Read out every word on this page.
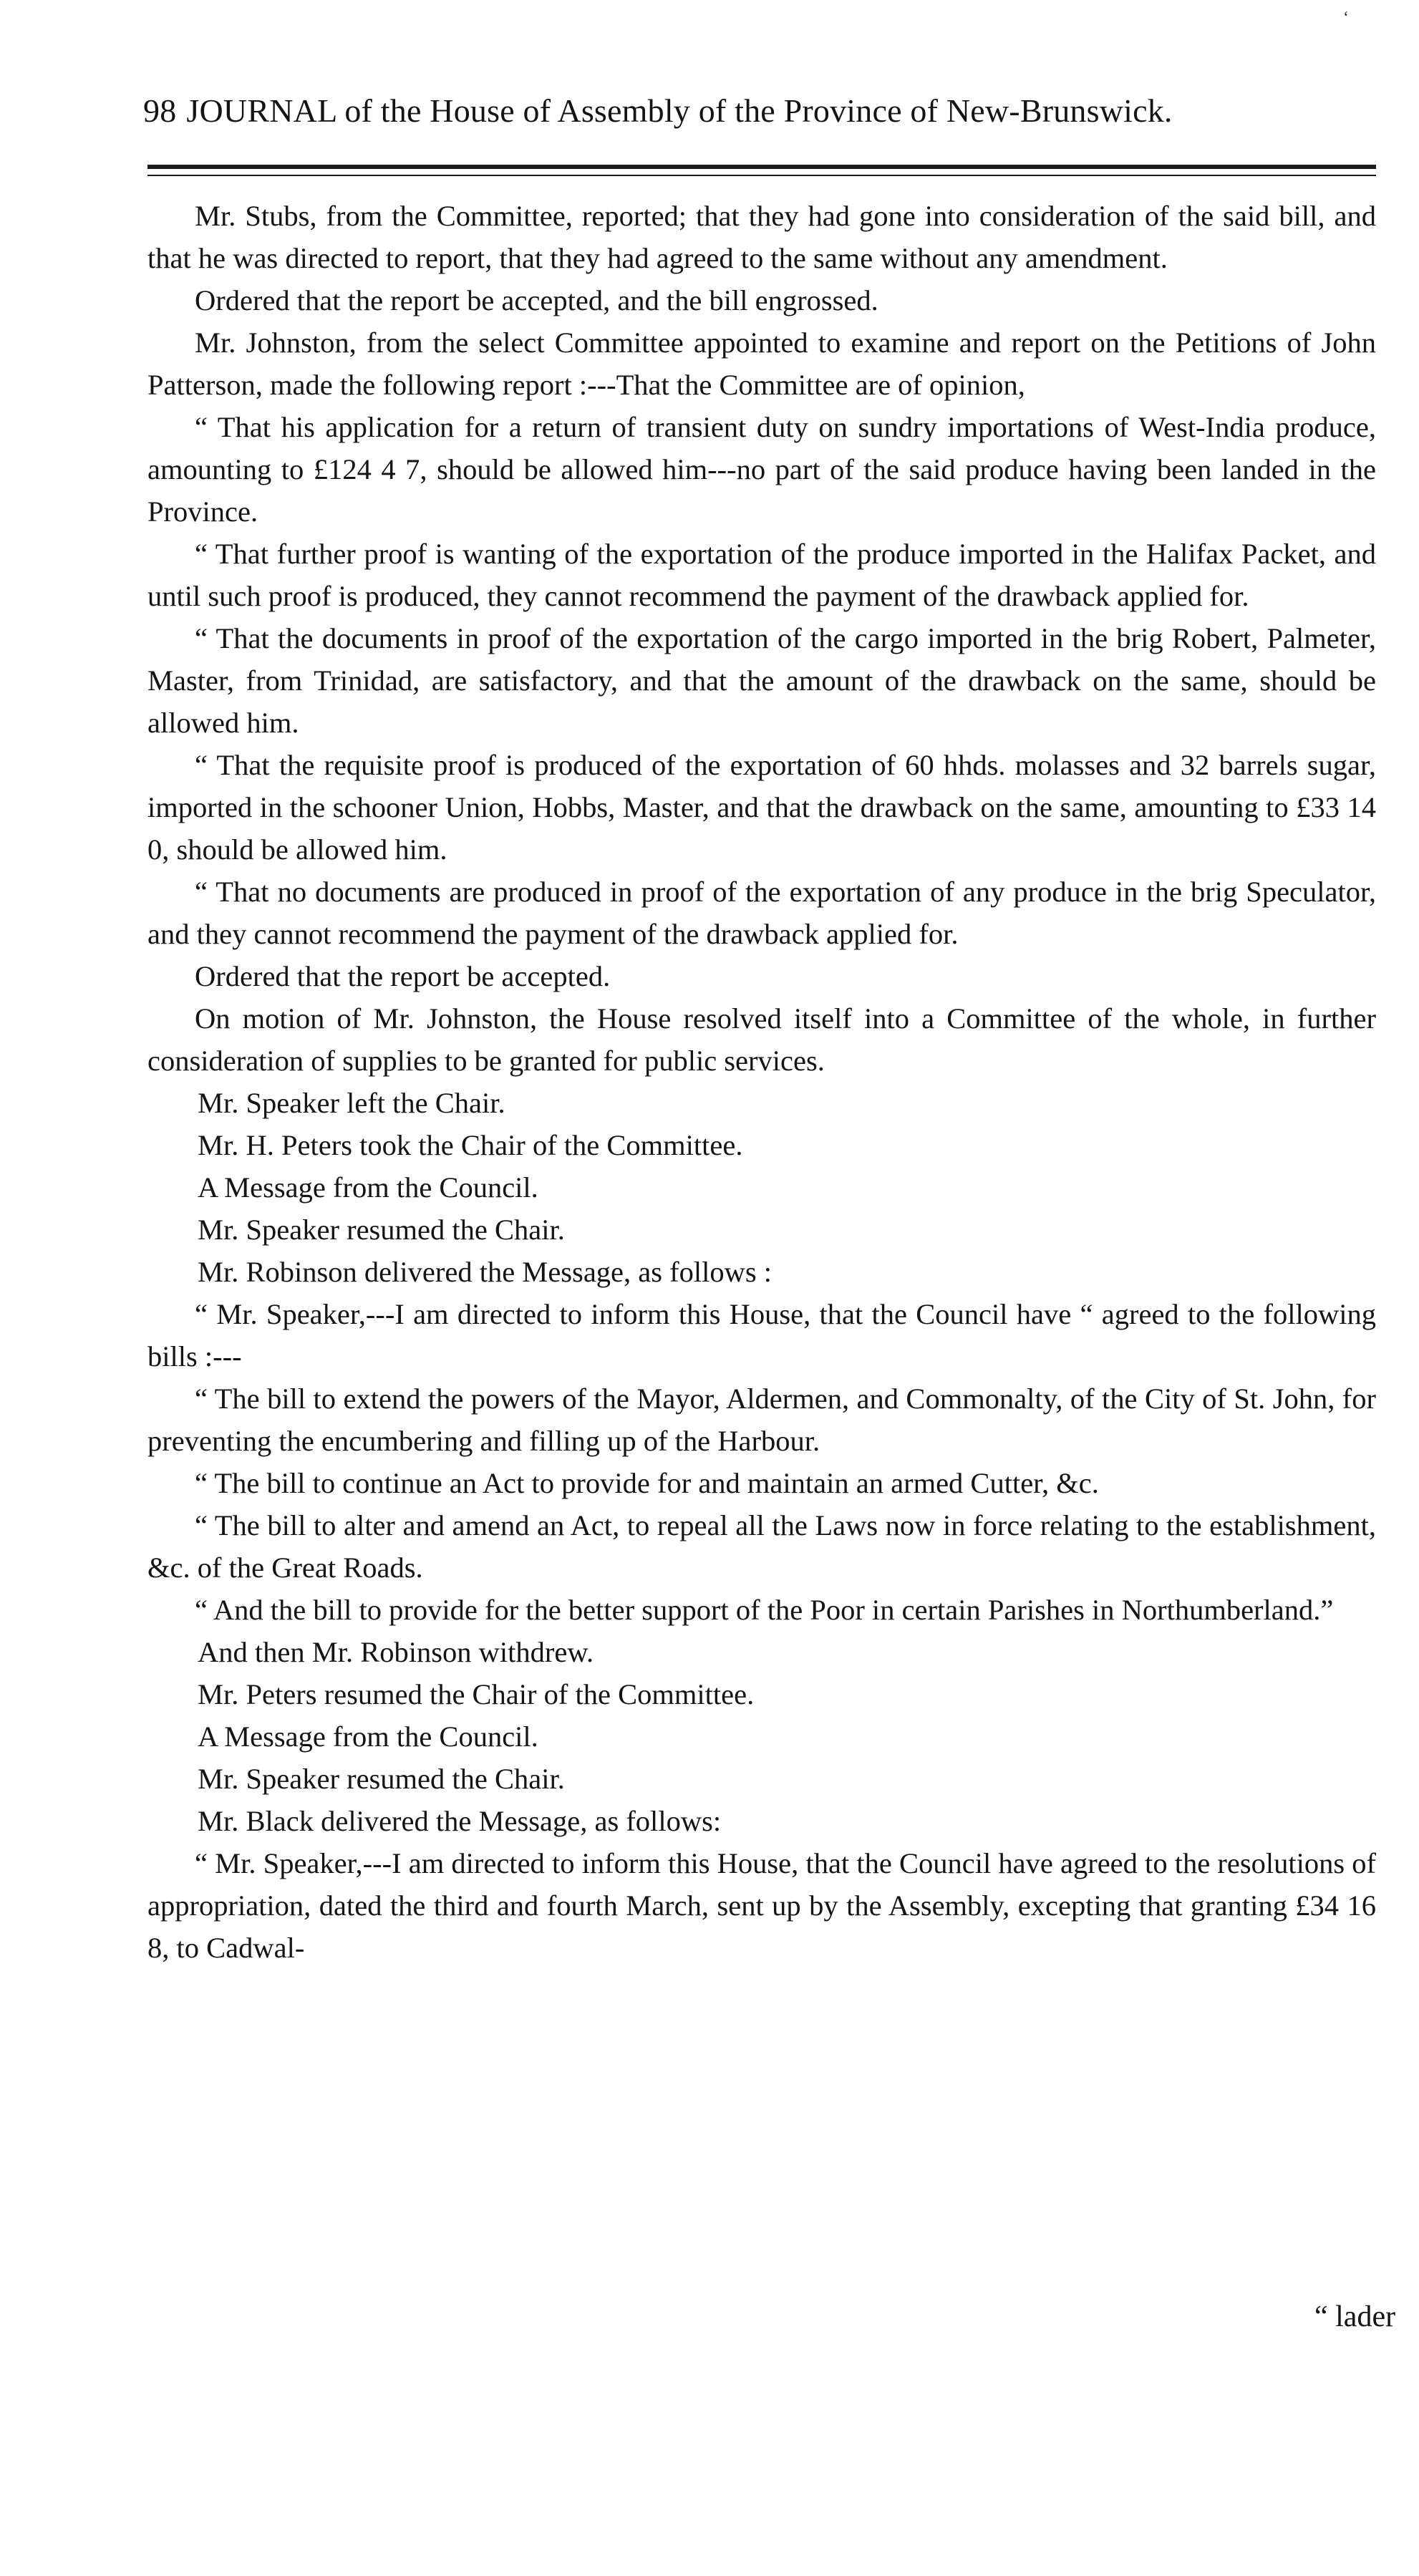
‘
98 JOURNAL of the House of Assembly of the Province of New-Brunswick.

Mr. Stubs, from the Committee, reported; that they had gone into consideration of the said bill, and that he was directed to report, that they had agreed to the same without any amendment.

Ordered that the report be accepted, and the bill engrossed.

Mr. Johnston, from the select Committee appointed to examine and report on the Petitions of John Patterson, made the following report :---That the Committee are of opinion,

“ That his application for a return of transient duty on sundry importations of West-India produce, amounting to £124 4 7, should be allowed him---no part of the said produce having been landed in the Province.

“ That further proof is wanting of the exportation of the produce imported in the Halifax Packet, and until such proof is produced, they cannot recommend the payment of the drawback applied for.

“ That the documents in proof of the exportation of the cargo imported in the brig Robert, Palmeter, Master, from Trinidad, are satisfactory, and that the amount of the drawback on the same, should be allowed him.

“ That the requisite proof is produced of the exportation of 60 hhds. molasses and 32 barrels sugar, imported in the schooner Union, Hobbs, Master, and that the drawback on the same, amounting to £33 14 0, should be allowed him.

“ That no documents are produced in proof of the exportation of any produce in the brig Speculator, and they cannot recommend the payment of the drawback applied for.

Ordered that the report be accepted.

On motion of Mr. Johnston, the House resolved itself into a Committee of the whole, in further consideration of supplies to be granted for public services.

Mr. Speaker left the Chair.

Mr. H. Peters took the Chair of the Committee.

A Message from the Council.

Mr. Speaker resumed the Chair.

Mr. Robinson delivered the Message, as follows :

“ Mr. Speaker,---I am directed to inform this House, that the Council have “ agreed to the following bills :---

“ The bill to extend the powers of the Mayor, Aldermen, and Commonalty, of the City of St. John, for preventing the encumbering and filling up of the Harbour.

“ The bill to continue an Act to provide for and maintain an armed Cutter, &c.

“ The bill to alter and amend an Act, to repeal all the Laws now in force relating to the establishment, &c. of the Great Roads.

“ And the bill to provide for the better support of the Poor in certain Parishes in Northumberland.”

And then Mr. Robinson withdrew.

Mr. Peters resumed the Chair of the Committee.

A Message from the Council.

Mr. Speaker resumed the Chair.

Mr. Black delivered the Message, as follows:

“ Mr. Speaker,---I am directed to inform this House, that the Council have agreed to the resolutions of appropriation, dated the third and fourth March, sent up by the Assembly, excepting that granting £34 16 8, to Cadwal-

“ lader
